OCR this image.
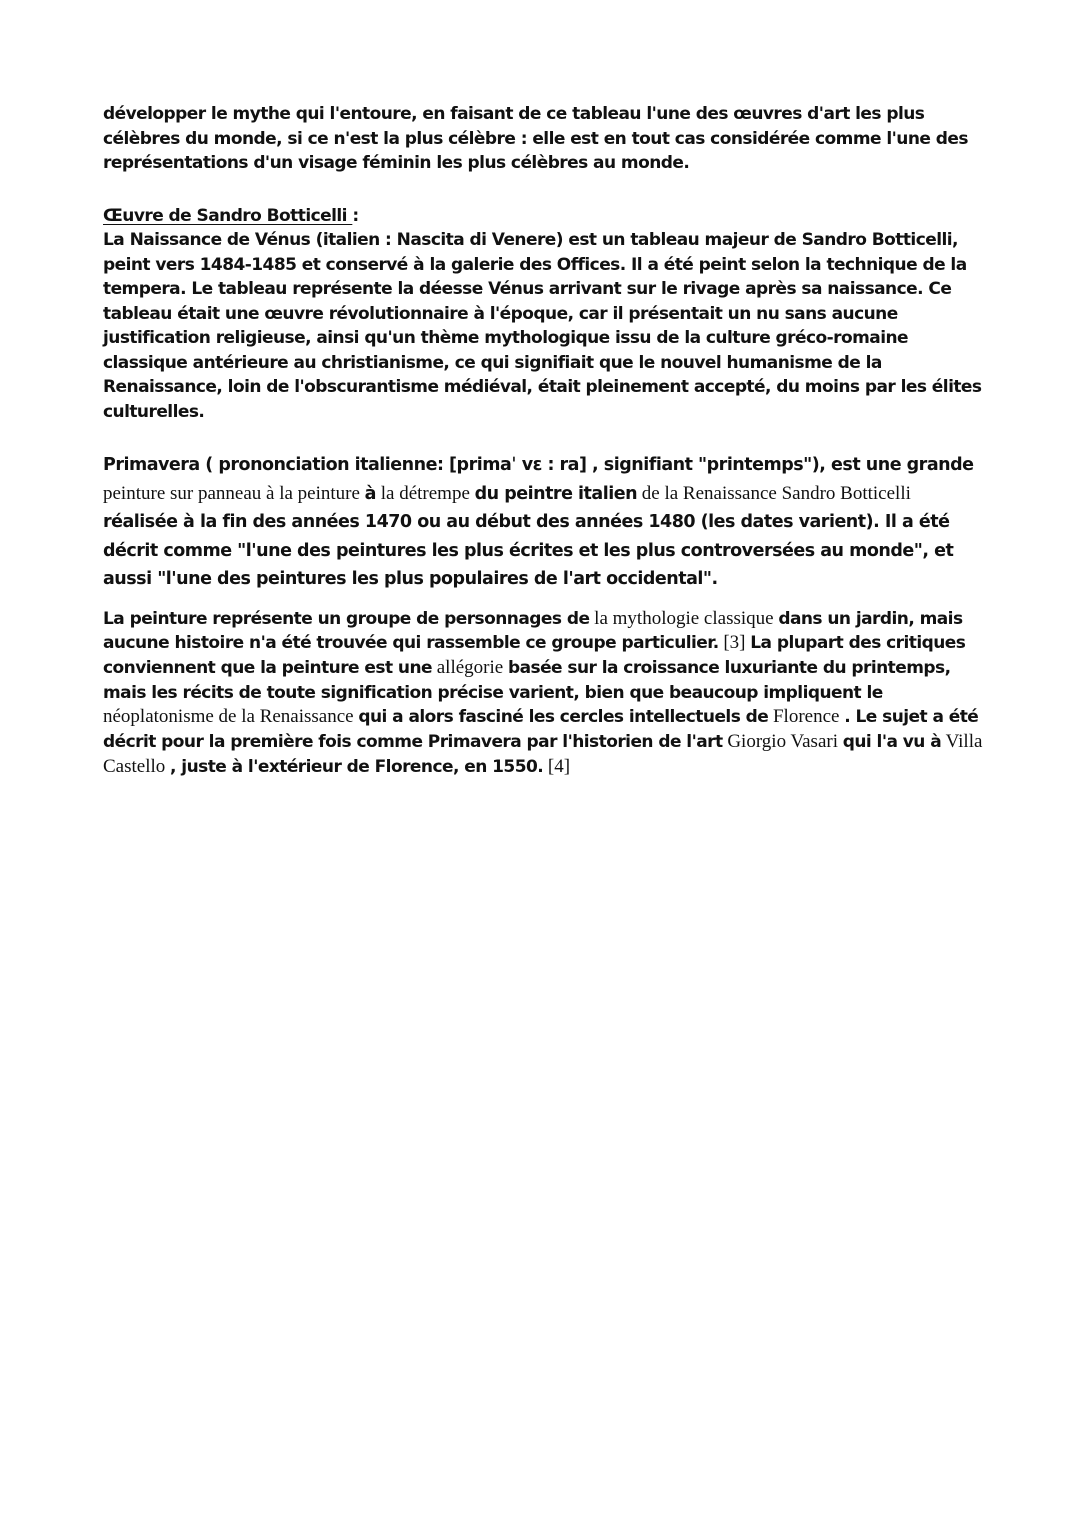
développer le mythe qui l'entoure, en faisant de ce tableau l'une des œuvres d'art les plus célèbres du monde, si ce n'est la plus célèbre : elle est en tout cas considérée comme l'une des représentations d'un visage féminin les plus célèbres au monde.

Œuvre de Sandro Botticelli :
La Naissance de Vénus (italien : Nascita di Venere) est un tableau majeur de Sandro Botticelli, peint vers 1484-1485 et conservé à la galerie des Offices. Il a été peint selon la technique de la tempera. Le tableau représente la déesse Vénus arrivant sur le rivage après sa naissance. Ce tableau était une œuvre révolutionnaire à l'époque, car il présentait un nu sans aucune justification religieuse, ainsi qu'un thème mythologique issu de la culture gréco-romaine classique antérieure au christianisme, ce qui signifiait que le nouvel humanisme de la Renaissance, loin de l'obscurantisme médiéval, était pleinement accepté, du moins par les élites culturelles.

Primavera ( prononciation italienne: [primaˈ vɛ : ra] , signifiant "printemps"), est une grande peinture sur panneau à la peinture à la détrempe du peintre italien de la Renaissance Sandro Botticelli réalisée à la fin des années 1470 ou au début des années 1480 (les dates varient). Il a été décrit comme "l'une des peintures les plus écrites et les plus controversées au monde", et aussi "l'une des peintures les plus populaires de l'art occidental".

La peinture représente un groupe de personnages de la mythologie classique dans un jardin, mais aucune histoire n'a été trouvée qui rassemble ce groupe particulier. [3] La plupart des critiques conviennent que la peinture est une allégorie basée sur la croissance luxuriante du printemps, mais les récits de toute signification précise varient, bien que beaucoup impliquent le néoplatonisme de la Renaissance qui a alors fasciné les cercles intellectuels de Florence . Le sujet a été décrit pour la première fois comme Primavera par l'historien de l'art Giorgio Vasari qui l'a vu à Villa Castello , juste à l'extérieur de Florence, en 1550. [4]
